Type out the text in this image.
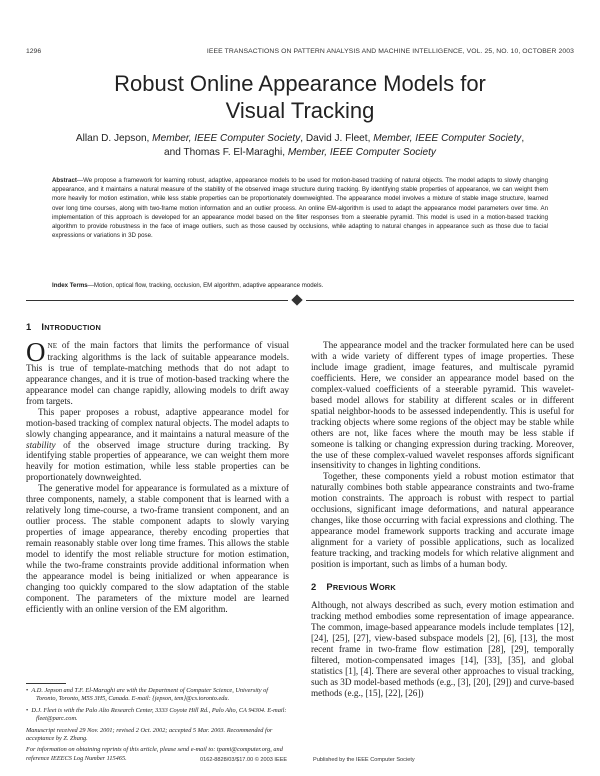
1296	IEEE TRANSACTIONS ON PATTERN ANALYSIS AND MACHINE INTELLIGENCE, VOL. 25, NO. 10, OCTOBER 2003
Robust Online Appearance Models for
Visual Tracking
Allan D. Jepson, Member, IEEE Computer Society, David J. Fleet, Member, IEEE Computer Society,
and Thomas F. El-Maraghi, Member, IEEE Computer Society
Abstract—We propose a framework for learning robust, adaptive, appearance models to be used for motion-based tracking of natural objects. The model adapts to slowly changing appearance, and it maintains a natural measure of the stability of the observed image structure during tracking. By identifying stable properties of appearance, we can weight them more heavily for motion estimation, while less stable properties can be proportionately downweighted. The appearance model involves a mixture of stable image structure, learned over long time courses, along with two-frame motion information and an outlier process. An online EM-algorithm is used to adapt the appearance model parameters over time. An implementation of this approach is developed for an appearance model based on the filter responses from a steerable pyramid. This model is used in a motion-based tracking algorithm to provide robustness in the face of image outliers, such as those caused by occlusions, while adapting to natural changes in appearance such as those due to facial expressions or variations in 3D pose.
Index Terms—Motion, optical flow, tracking, occlusion, EM algorithm, adaptive appearance models.
1 INTRODUCTION

ONE of the main factors that limits the performance of visual tracking algorithms is the lack of suitable appearance models. This is true of template-matching methods that do not adapt to appearance changes, and it is true of motion-based tracking where the appearance model can change rapidly, allowing models to drift away from targets.

This paper proposes a robust, adaptive appearance model for motion-based tracking of complex natural objects. The model adapts to slowly changing appearance, and it maintains a natural measure of the stability of the observed image structure during tracking. By identifying stable properties of appearance, we can weight them more heavily for motion estimation, while less stable properties can be proportionately downweighted.

The generative model for appearance is formulated as a mixture of three components, namely, a stable component that is learned with a relatively long time-course, a two-frame transient component, and an outlier process. The stable component adapts to slowly varying properties of image appearance, thereby encoding properties that remain reasonably stable over long time frames. This allows the stable model to identify the most reliable structure for motion estimation, while the two-frame constraints provide additional information when the appearance model is being initialized or when appearance is changing too quickly compared to the slow adaptation of the stable component. The parameters of the mixture model are learned efficiently with an online version of the EM algorithm.

•  A.D. Jepson and T.F. El-Maraghi are with the Department of Computer Science, University of Toronto, Toronto, M5S 3H5, Canada. E-mail: {jepson, tem}@cs.toronto.edu.

•  D.J. Fleet is with the Palo Alto Research Center, 3333 Coyote Hill Rd., Palo Alto, CA 94304. E-mail: fleet@parc.com.

Manuscript received 29 Nov. 2001; revised 2 Oct. 2002; accepted 5 Mar. 2003. Recommended for acceptance by Z. Zhang.

For information on obtaining reprints of this article, please send e-mail to: tpami@computer.org, and reference IEEECS Log Number 115465.

The appearance model and the tracker formulated here can be used with a wide variety of different types of image properties. These include image gradient, image features, and multiscale pyramid coefficients. Here, we consider an appearance model based on the complex-valued coefficients of a steerable pyramid. This wavelet-based model allows for stability at different scales or in different spatial neighbor-hoods to be assessed independently. This is useful for tracking objects where some regions of the object may be stable while others are not, like faces where the mouth may be less stable if someone is talking or changing expression during tracking. Moreover, the use of these complex-valued wavelet responses affords significant insensitivity to changes in lighting conditions.

Together, these components yield a robust motion estimator that naturally combines both stable appearance constraints and two-frame motion constraints. The approach is robust with respect to partial occlusions, significant image deformations, and natural appearance changes, like those occurring with facial expressions and clothing. The appearance model framework supports tracking and accurate image alignment for a variety of possible applications, such as localized feature tracking, and tracking models for which relative alignment and position is important, such as limbs of a human body.

2 PREVIOUS WORK

Although, not always described as such, every motion estimation and tracking method embodies some representation of image appearance. The common, image-based appearance models include templates [12], [24], [25], [27], view-based subspace models [2], [6], [13], the most recent frame in two-frame flow estimation [28], [29], temporally filtered, motion-compensated images [14], [33], [35], and global statistics [1], [4]. There are several other approaches to visual tracking, such as 3D model-based methods (e.g., [3], [20], [29]) and curve-based methods (e.g., [15], [22], [26])

0162-8828/03/$17.00 © 2003 IEEE	Published by the IEEE Computer Society
